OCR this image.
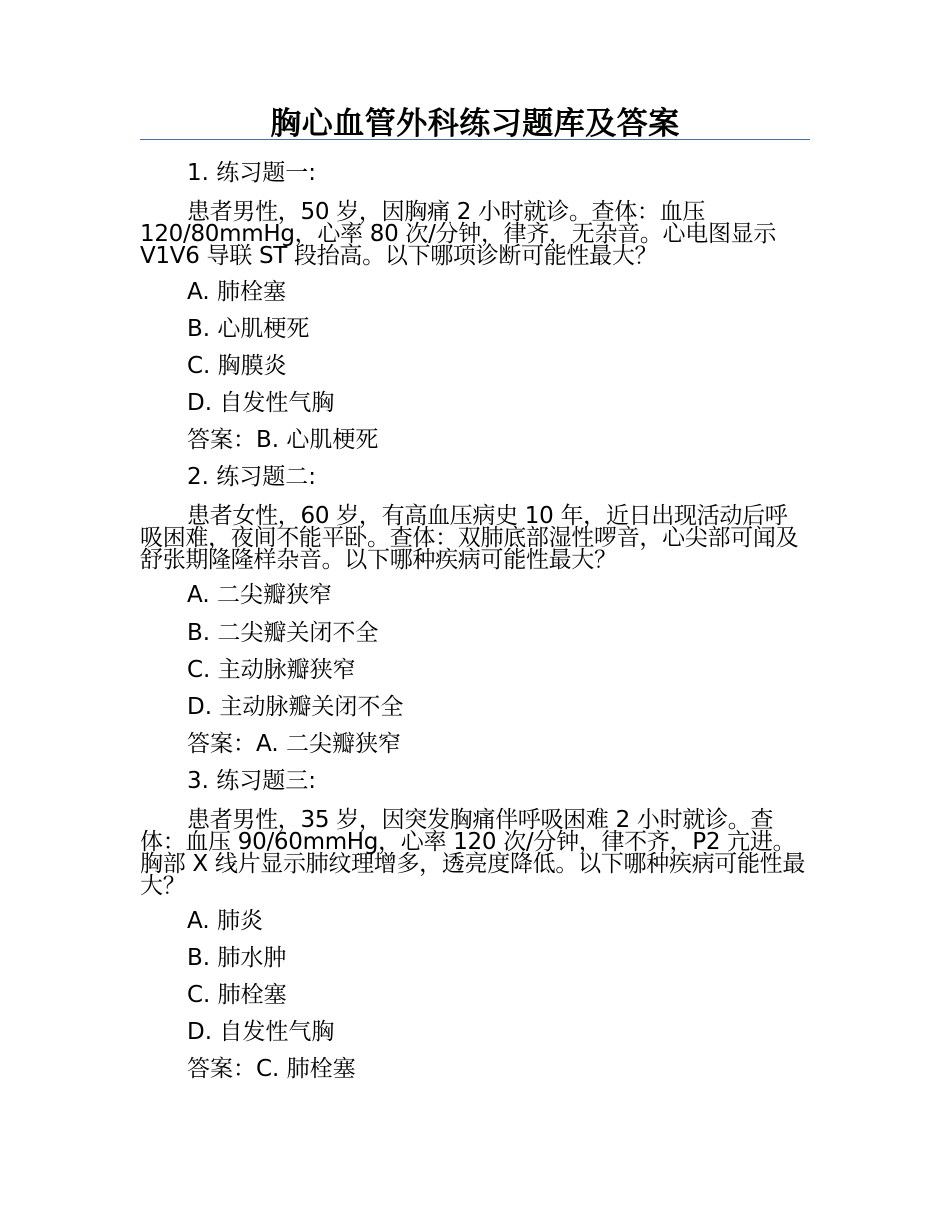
胸心血管外科练习题库及答案

1. 练习题一:

患者男性，50 岁，因胸痛 2 小时就诊。查体：血压 120/80mmHg，心率 80 次/分钟，律齐，无杂音。心电图显示 V1V6 导联 ST 段抬高。以下哪项诊断可能性最大？

A. 肺栓塞

B. 心肌梗死

C. 胸膜炎

D. 自发性气胸

答案：B. 心肌梗死

2. 练习题二:

患者女性，60 岁，有高血压病史 10 年，近日出现活动后呼吸困难，夜间不能平卧。查体：双肺底部湿性啰音，心尖部可闻及舒张期隆隆样杂音。以下哪种疾病可能性最大？

A. 二尖瓣狭窄

B. 二尖瓣关闭不全

C. 主动脉瓣狭窄

D. 主动脉瓣关闭不全

答案：A. 二尖瓣狭窄

3. 练习题三:

患者男性，35 岁，因突发胸痛伴呼吸困难 2 小时就诊。查体：血压 90/60mmHg，心率 120 次/分钟，律不齐，P2 亢进。胸部 X 线片显示肺纹理增多，透亮度降低。以下哪种疾病可能性最大？

A. 肺炎

B. 肺水肿

C. 肺栓塞

D. 自发性气胸

答案：C. 肺栓塞
